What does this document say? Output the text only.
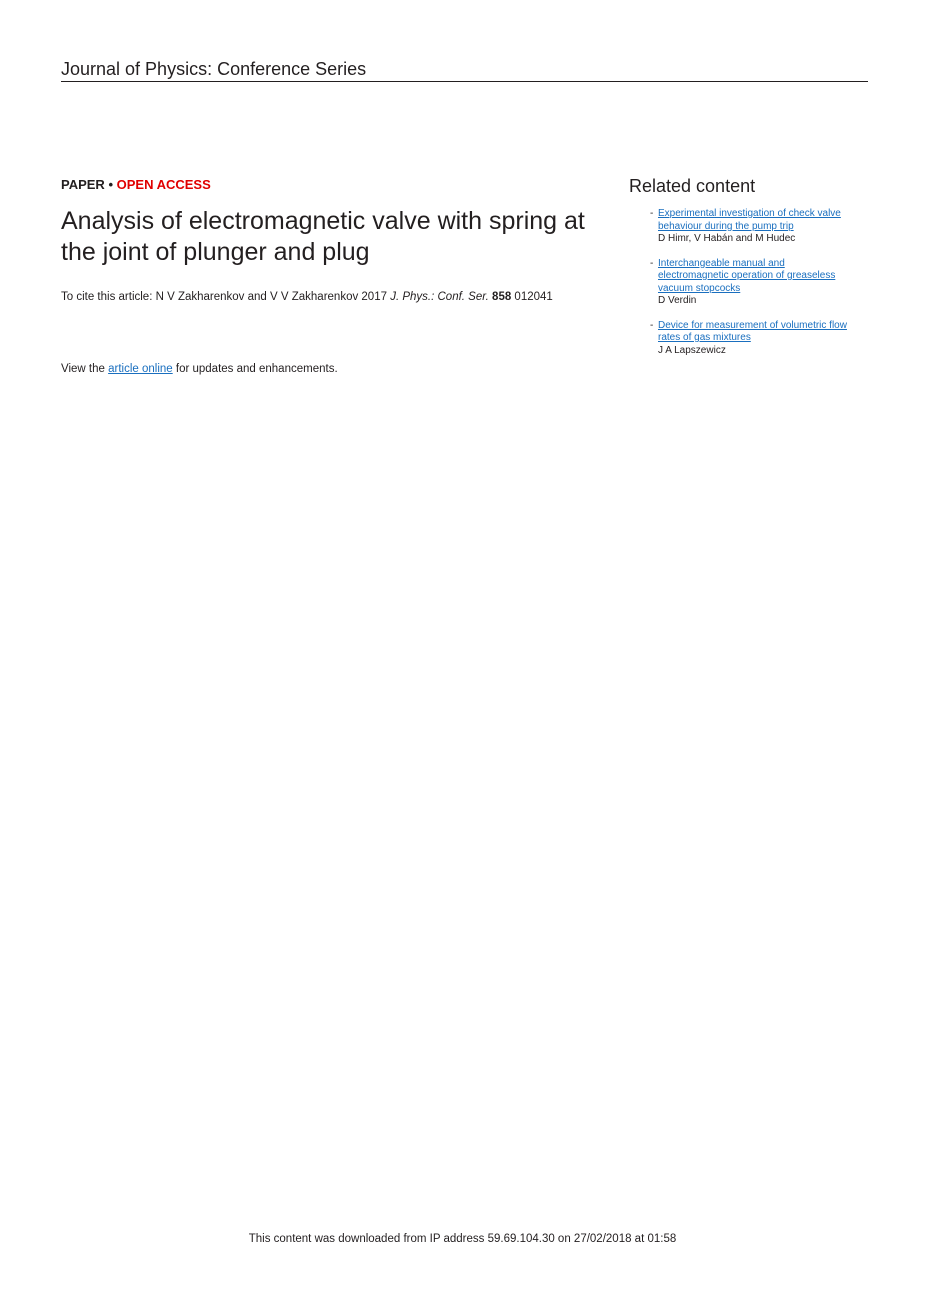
Journal of Physics: Conference Series
PAPER • OPEN ACCESS
Analysis of electromagnetic valve with spring at the joint of plunger and plug
To cite this article: N V Zakharenkov and V V Zakharenkov 2017 J. Phys.: Conf. Ser. 858 012041
View the article online for updates and enhancements.
Related content
- Experimental investigation of check valve
behaviour during the pump trip
D Himr, V Habán and M Hudec
- Interchangeable manual and
electromagnetic operation of greaseless
vacuum stopcocks
D Verdin
- Device for measurement of volumetric flow
rates of gas mixtures
J A Lapszewicz
This content was downloaded from IP address 59.69.104.30 on 27/02/2018 at 01:58
